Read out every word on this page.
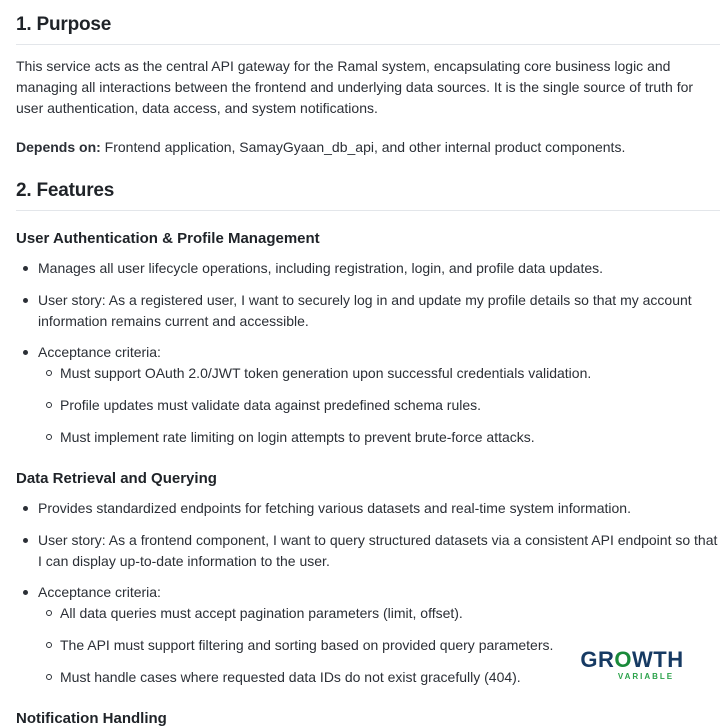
1. Purpose

This service acts as the central API gateway for the Ramal system, encapsulating core business logic and managing all interactions between the frontend and underlying data sources. It is the single source of truth for user authentication, data access, and system notifications.

Depends on: Frontend application, SamayGyaan_db_api, and other internal product components.

2. Features
User Authentication & Profile Management
Manages all user lifecycle operations, including registration, login, and profile data updates.
User story: As a registered user, I want to securely log in and update my profile details so that my account information remains current and accessible.
Acceptance criteria:
Must support OAuth 2.0/JWT token generation upon successful credentials validation.
Profile updates must validate data against predefined schema rules.
Must implement rate limiting on login attempts to prevent brute-force attacks.
Data Retrieval and Querying
Provides standardized endpoints for fetching various datasets and real-time system information.
User story: As a frontend component, I want to query structured datasets via a consistent API endpoint so that I can display up-to-date information to the user.
Acceptance criteria:
All data queries must accept pagination parameters (limit, offset).
The API must support filtering and sorting based on provided query parameters.
Must handle cases where requested data IDs do not exist gracefully (404).
Notification Handling
GROWTH
VARIABLE
